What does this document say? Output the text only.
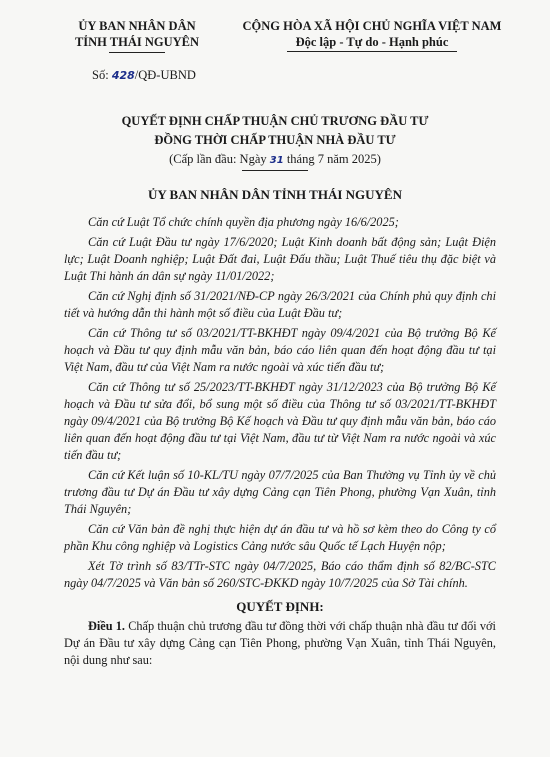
ỦY BAN NHÂN DÂN
TỈNH THÁI NGUYÊN
CỘNG HÒA XÃ HỘI CHỦ NGHĨA VIỆT NAM
Độc lập - Tự do - Hạnh phúc
Số: 428/QĐ-UBND
QUYẾT ĐỊNH CHẤP THUẬN CHỦ TRƯƠNG ĐẦU TƯ
ĐỒNG THỜI CHẤP THUẬN NHÀ ĐẦU TƯ
(Cấp lần đầu: Ngày 31 tháng 7 năm 2025)
ỦY BAN NHÂN DÂN TỈNH THÁI NGUYÊN

Căn cứ Luật Tổ chức chính quyền địa phương ngày 16/6/2025;

Căn cứ Luật Đầu tư ngày 17/6/2020; Luật Kinh doanh bất động sản; Luật Điện lực; Luật Doanh nghiệp; Luật Đất đai, Luật Đấu thầu; Luật Thuế tiêu thụ đặc biệt và Luật Thi hành án dân sự ngày 11/01/2022;

Căn cứ Nghị định số 31/2021/NĐ-CP ngày 26/3/2021 của Chính phủ quy định chi tiết và hướng dẫn thi hành một số điều của Luật Đầu tư;

Căn cứ Thông tư số 03/2021/TT-BKHĐT ngày 09/4/2021 của Bộ trưởng Bộ Kế hoạch và Đầu tư quy định mẫu văn bản, báo cáo liên quan đến hoạt động đầu tư tại Việt Nam, đầu tư của Việt Nam ra nước ngoài và xúc tiến đầu tư;

Căn cứ Thông tư số 25/2023/TT-BKHĐT ngày 31/12/2023 của Bộ trưởng Bộ Kế hoạch và Đầu tư sửa đổi, bổ sung một số điều của Thông tư số 03/2021/TT-BKHĐT ngày 09/4/2021 của Bộ trưởng Bộ Kế hoạch và Đầu tư quy định mẫu văn bản, báo cáo liên quan đến hoạt động đầu tư tại Việt Nam, đầu tư từ Việt Nam ra nước ngoài và xúc tiến đầu tư;

Căn cứ Kết luận số 10-KL/TU ngày 07/7/2025 của Ban Thường vụ Tỉnh ủy về chủ trương đầu tư Dự án Đầu tư xây dựng Cảng cạn Tiên Phong, phường Vạn Xuân, tỉnh Thái Nguyên;

Căn cứ Văn bản đề nghị thực hiện dự án đầu tư và hồ sơ kèm theo do Công ty cổ phần Khu công nghiệp và Logistics Cảng nước sâu Quốc tế Lạch Huyện nộp;

Xét Tờ trình số 83/TTr-STC ngày 04/7/2025, Báo cáo thẩm định số 82/BC-STC ngày 04/7/2025 và Văn bản số 260/STC-ĐKKD ngày 10/7/2025 của Sở Tài chính.

QUYẾT ĐỊNH:

Điều 1. Chấp thuận chủ trương đầu tư đồng thời với chấp thuận nhà đầu tư đối với Dự án Đầu tư xây dựng Cảng cạn Tiên Phong, phường Vạn Xuân, tỉnh Thái Nguyên, nội dung như sau:
